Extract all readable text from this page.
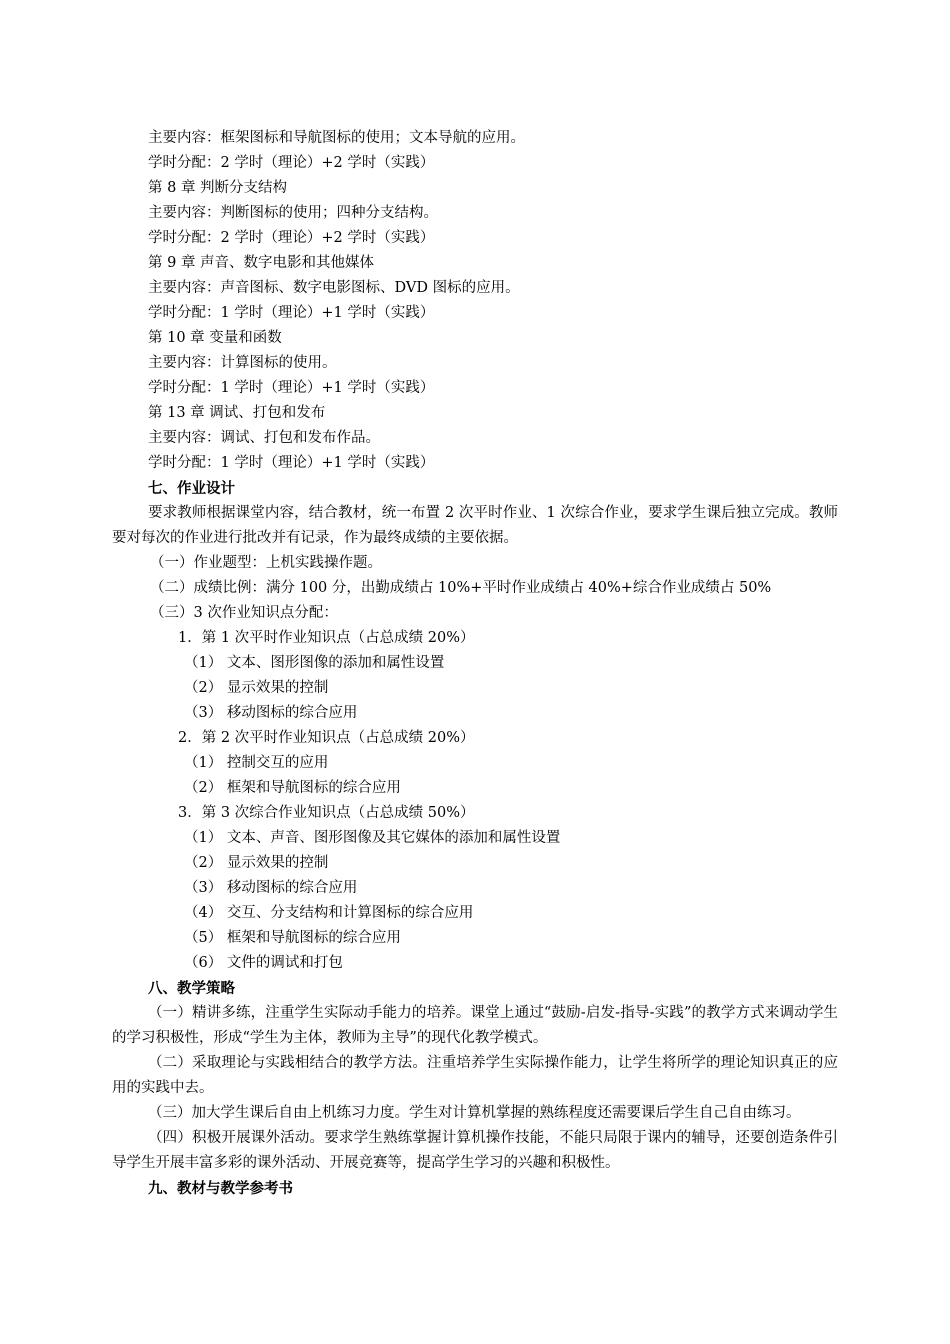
主要内容：框架图标和导航图标的使用；文本导航的应用。
学时分配：2 学时（理论）+2 学时（实践）
第 8 章 判断分支结构
主要内容：判断图标的使用；四种分支结构。
学时分配：2 学时（理论）+2 学时（实践）
第 9 章 声音、数字电影和其他媒体
主要内容：声音图标、数字电影图标、DVD 图标的应用。
学时分配：1 学时（理论）+1 学时（实践）
第 10 章 变量和函数
主要内容：计算图标的使用。
学时分配：1 学时（理论）+1 学时（实践）
第 13 章 调试、打包和发布
主要内容：调试、打包和发布作品。
学时分配：1 学时（理论）+1 学时（实践）
七、作业设计

要求教师根据课堂内容，结合教材，统一布置 2 次平时作业、1 次综合作业，要求学生课后独立完成。教师要对每次的作业进行批改并有记录，作为最终成绩的主要依据。

（一）作业题型：上机实践操作题。
（二）成绩比例：满分 100 分，出勤成绩占 10%+平时作业成绩占 40%+综合作业成绩占 50%
（三）3 次作业知识点分配：
1．第 1 次平时作业知识点（占总成绩 20%）
（1） 文本、图形图像的添加和属性设置
（2） 显示效果的控制
（3） 移动图标的综合应用
2．第 2 次平时作业知识点（占总成绩 20%）
（1） 控制交互的应用
（2） 框架和导航图标的综合应用
3．第 3 次综合作业知识点（占总成绩 50%）
（1） 文本、声音、图形图像及其它媒体的添加和属性设置
（2） 显示效果的控制
（3） 移动图标的综合应用
（4） 交互、分支结构和计算图标的综合应用
（5） 框架和导航图标的综合应用
（6） 文件的调试和打包
八、教学策略

（一）精讲多练，注重学生实际动手能力的培养。课堂上通过“鼓励-启发-指导-实践”的教学方式来调动学生的学习积极性，形成“学生为主体，教师为主导”的现代化教学模式。

（二）采取理论与实践相结合的教学方法。注重培养学生实际操作能力，让学生将所学的理论知识真正的应用的实践中去。

（三）加大学生课后自由上机练习力度。学生对计算机掌握的熟练程度还需要课后学生自己自由练习。

（四）积极开展课外活动。要求学生熟练掌握计算机操作技能，不能只局限于课内的辅导，还要创造条件引导学生开展丰富多彩的课外活动、开展竞赛等，提高学生学习的兴趣和积极性。

九、教材与教学参考书
